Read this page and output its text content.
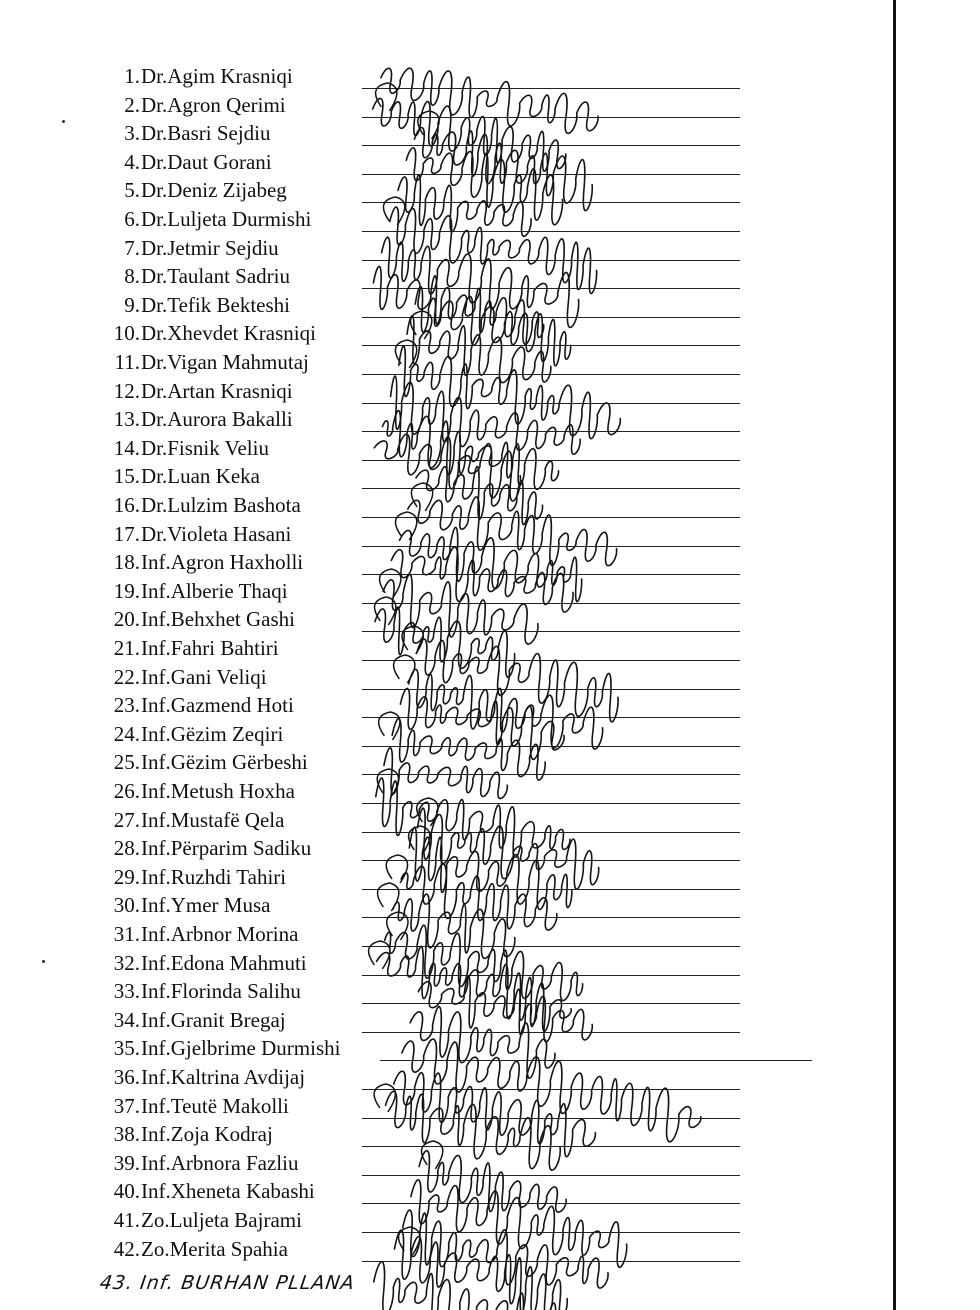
1. Dr.Agim Krasniqi
2. Dr.Agron Qerimi
3. Dr.Basri Sejdiu
4. Dr.Daut Gorani
5. Dr.Deniz Zijabeg
6. Dr.Luljeta Durmishi
7. Dr.Jetmir Sejdiu
8. Dr.Taulant Sadriu
9. Dr.Tefik Bekteshi
10. Dr.Xhevdet Krasniqi
11. Dr.Vigan Mahmutaj
12. Dr.Artan Krasniqi
13. Dr.Aurora Bakalli
14. Dr.Fisnik Veliu
15. Dr.Luan Keka
16. Dr.Lulzim Bashota
17. Dr.Violeta Hasani
18. Inf.Agron Haxholli
19. Inf.Alberie Thaqi
20. Inf.Behxhet Gashi
21. Inf.Fahri Bahtiri
22. Inf.Gani Veliqi
23. Inf.Gazmend Hoti
24. Inf.Gëzim Zeqiri
25. Inf.Gëzim Gërbeshi
26. Inf.Metush Hoxha
27. Inf.Mustafë Qela
28. Inf.Përparim Sadiku
29. Inf.Ruzhdi Tahiri
30. Inf.Ymer Musa
31. Inf.Arbnor Morina
32. Inf.Edona Mahmuti
33. Inf.Florinda Salihu
34. Inf.Granit Bregaj
35. Inf.Gjelbrime Durmishi
36. Inf.Kaltrina Avdijaj
37. Inf.Teutë Makolli
38. Inf.Zoja Kodraj
39. Inf.Arbnora Fazliu
40. Inf.Xheneta Kabashi
41. Zo.Luljeta Bajrami
42. Zo.Merita Spahia
43. Inf. BURHAN PLLANA
